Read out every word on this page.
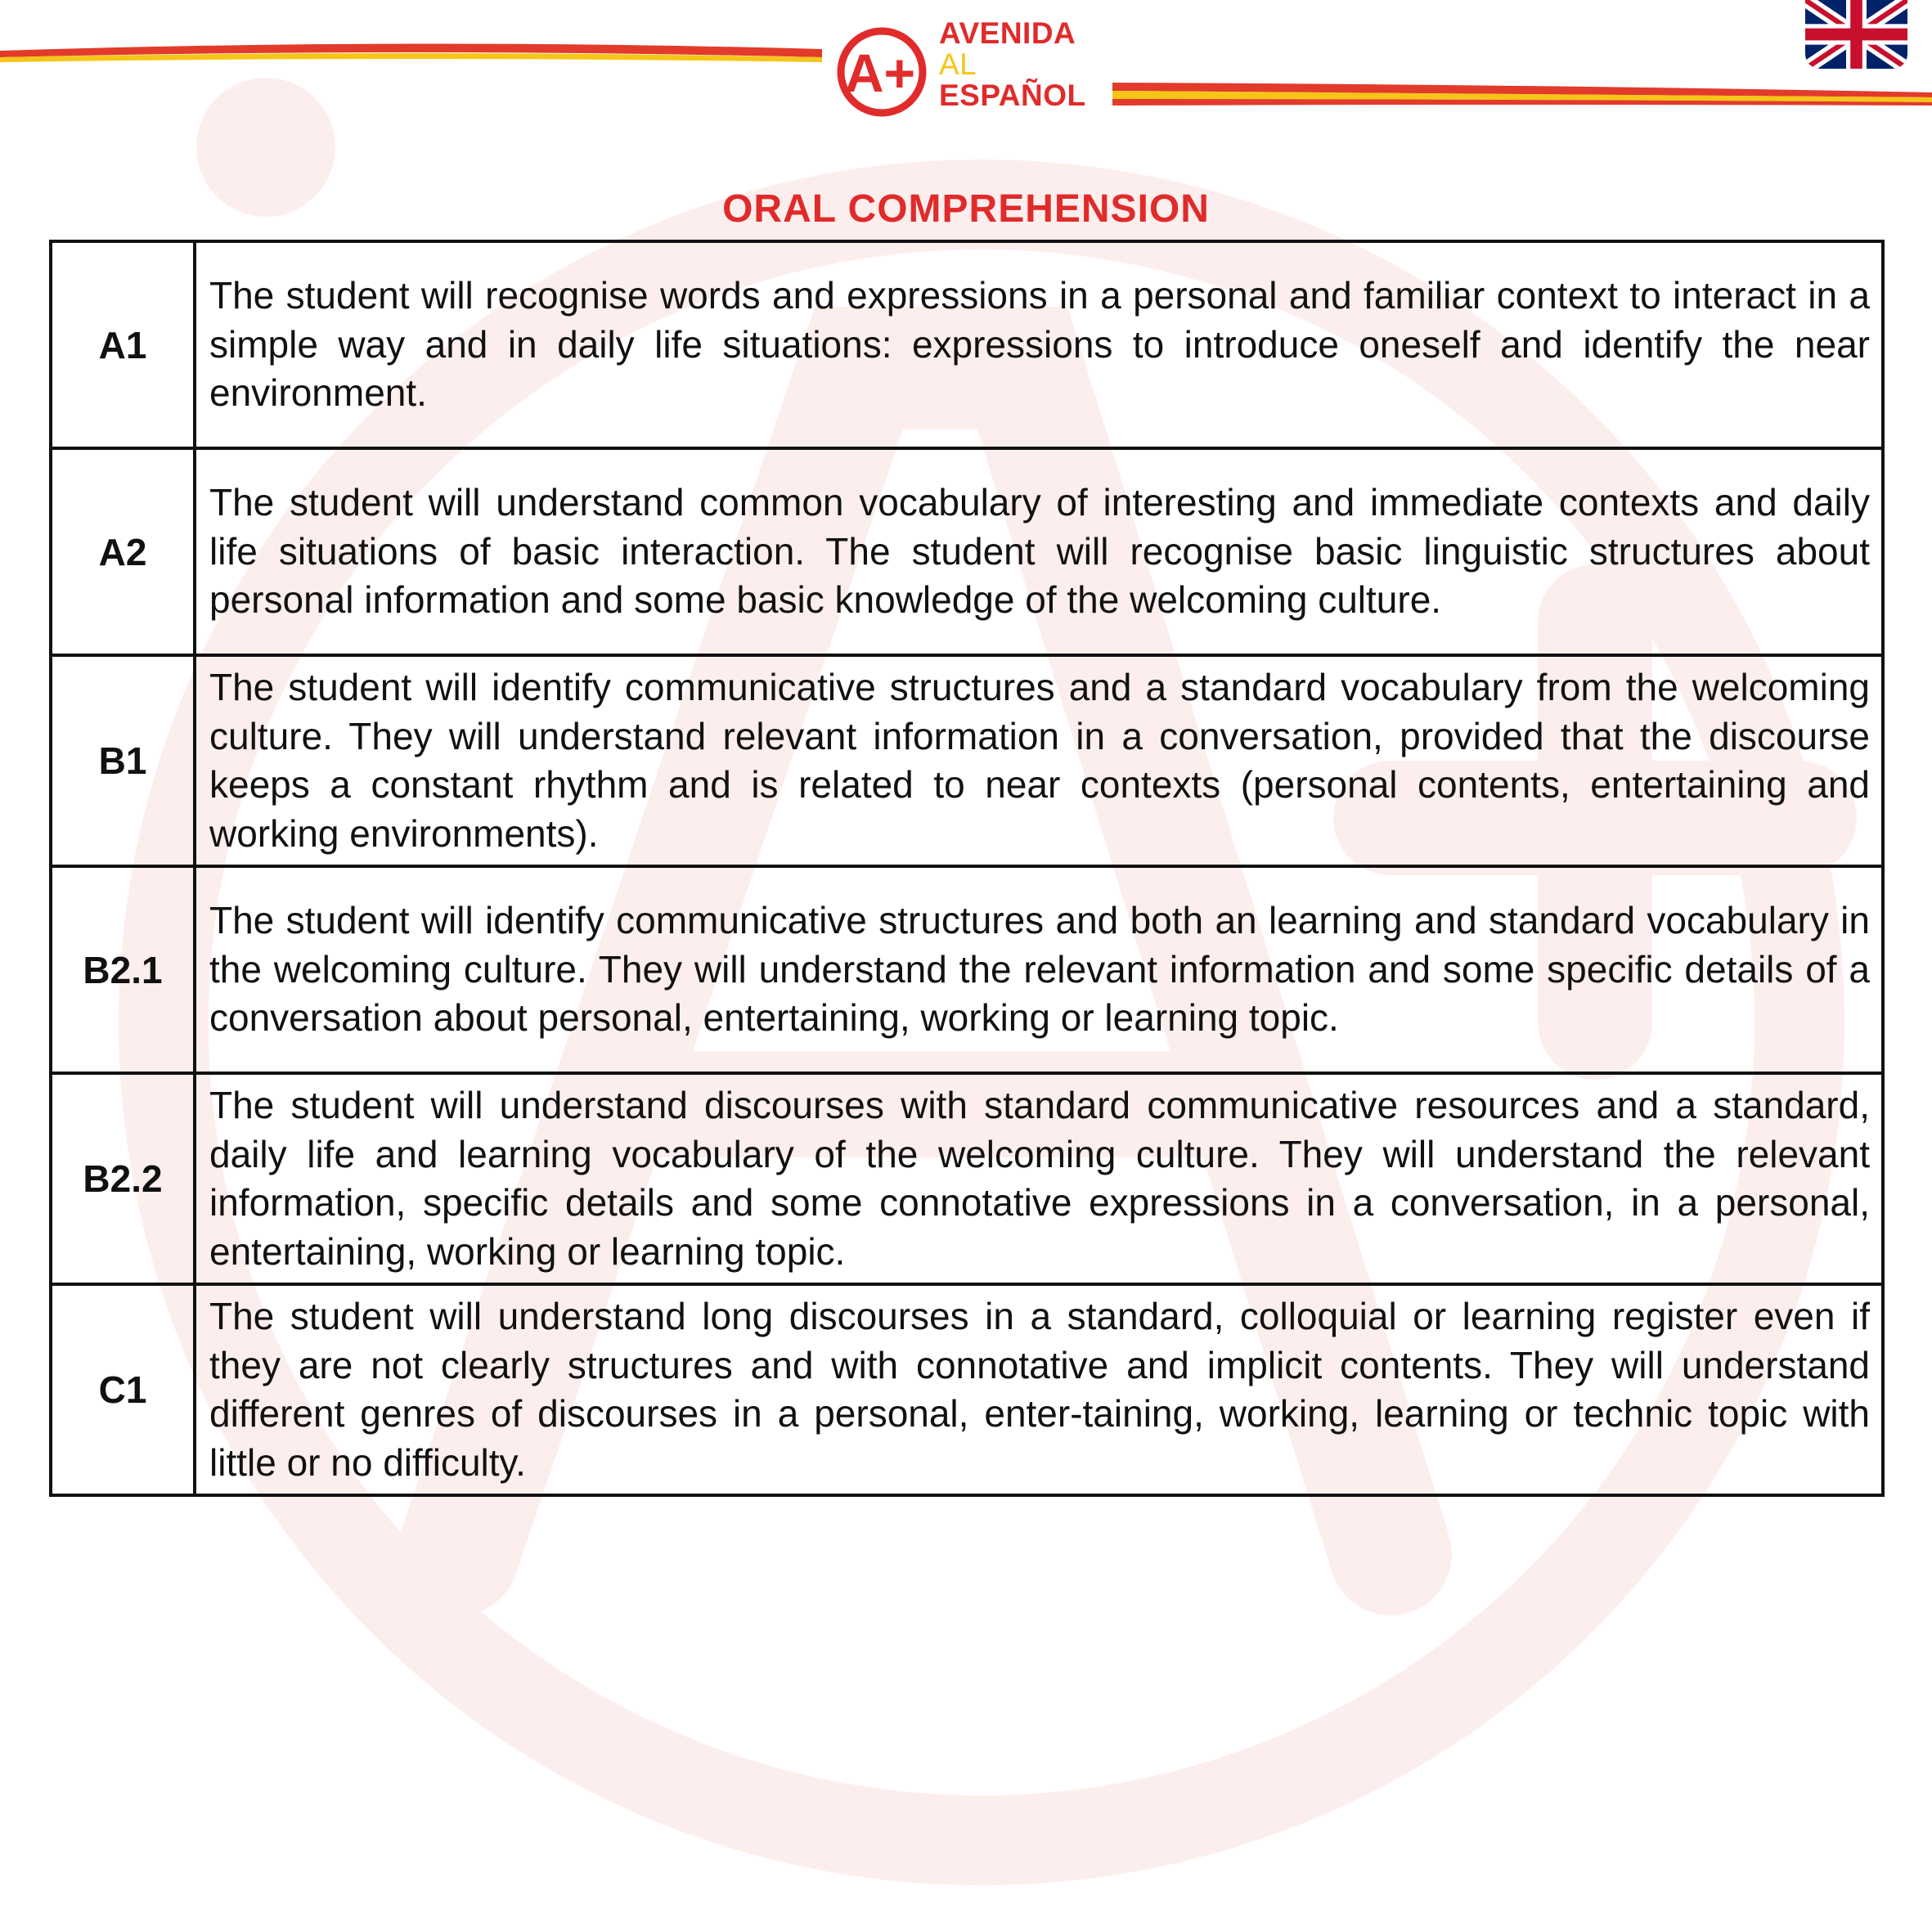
A+
AVENIDA
AL
ESPAÑOL
ORAL COMPREHENSION
A1	The student will recognise words and expressions in a personal and familiar context to interact in a simple way and in daily life situations: expressions to introduce oneself and identify the near environment.
A2	The student will understand common vocabulary of interesting and immediate contexts and daily life situations of basic interaction. The student will recognise basic linguistic structures about personal information and some basic knowledge of the welcoming culture.
B1	The student will identify communicative structures and a standard vocabulary from the welcoming culture. They will understand relevant information in a conversation, provided that the discourse keeps a constant rhythm and is related to near contexts (personal contents, entertaining and working environments).
B2.1	The student will identify communicative structures and both an learning and standard vocabulary in the welcoming culture. They will understand the relevant information and some specific details of a conversation about personal, entertaining, working or learning topic.
B2.2	The student will understand discourses with standard communicative resources and a standard, daily life and learning vocabulary of the welcoming culture. They will understand the relevant information, specific details and some connotative expressions in a conversation, in a personal, entertaining, working or learning topic.
C1	The student will understand long discourses in a standard, colloquial or learning register even if they are not clearly structures and with connotative and implicit contents. They will understand different genres of discourses in a personal, enter-taining, working, learning or technic topic with little or no difficulty.
